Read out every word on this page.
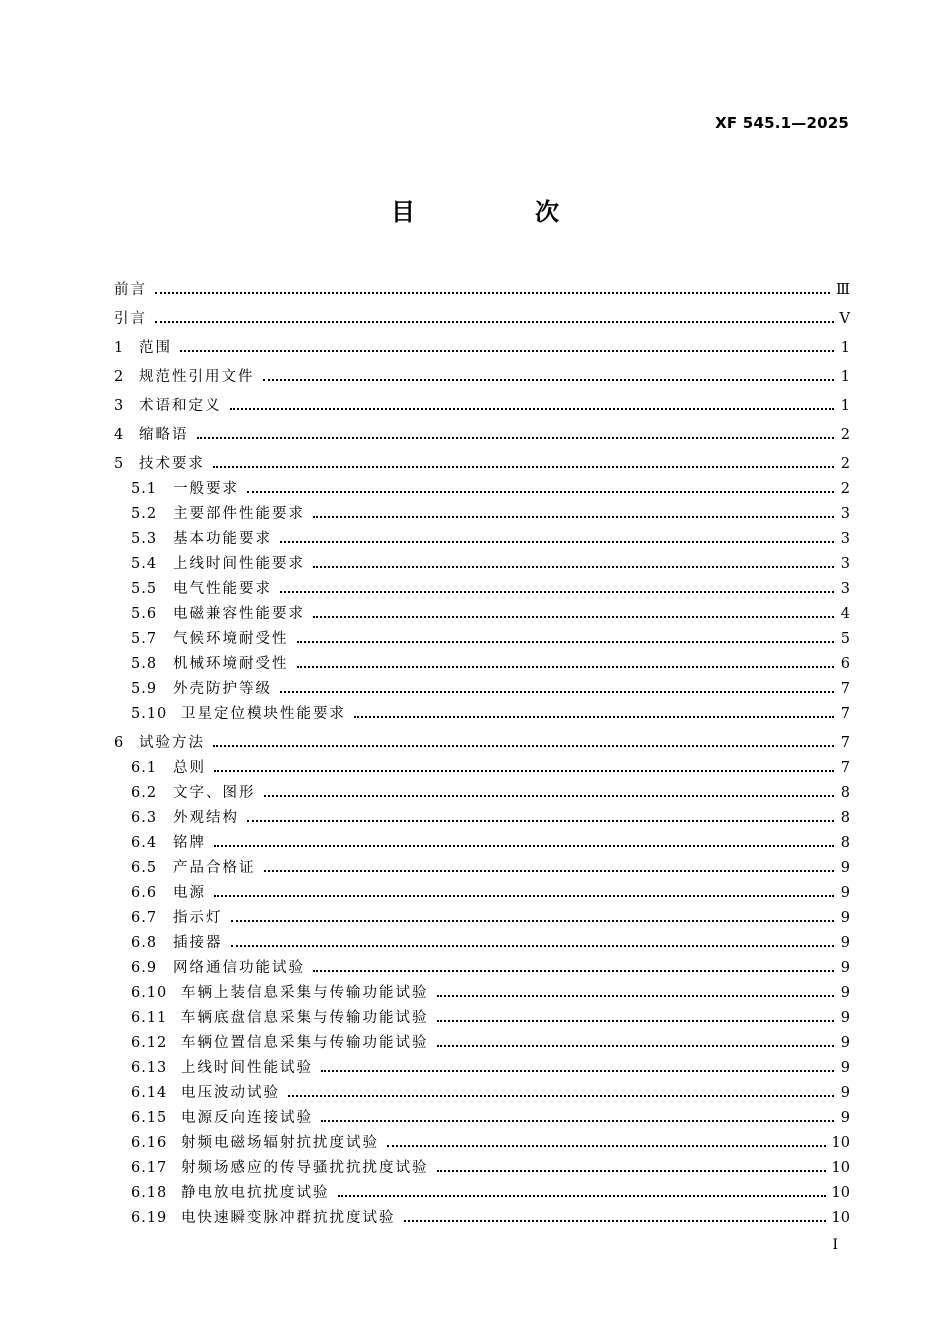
XF 545.1—2025
目　次
前言	Ⅲ
引言	Ⅴ
1	范围	1
2	规范性引用文件	1
3	术语和定义	1
4	缩略语	2
5	技术要求	2
5.1	一般要求	2
5.2	主要部件性能要求	3
5.3	基本功能要求	3
5.4	上线时间性能要求	3
5.5	电气性能要求	3
5.6	电磁兼容性能要求	4
5.7	气候环境耐受性	5
5.8	机械环境耐受性	6
5.9	外壳防护等级	7
5.10 卫星定位模块性能要求	7
6	试验方法	7
6.1	总则	7
6.2	文字、图形	8
6.3	外观结构	8
6.4	铭牌	8
6.5	产品合格证	9
6.6	电源	9
6.7	指示灯	9
6.8	插接器	9
6.9	网络通信功能试验	9
6.10 车辆上装信息采集与传输功能试验	9
6.11 车辆底盘信息采集与传输功能试验	9
6.12 车辆位置信息采集与传输功能试验	9
6.13 上线时间性能试验	9
6.14 电压波动试验	9
6.15 电源反向连接试验	9
6.16 射频电磁场辐射抗扰度试验	10
6.17 射频场感应的传导骚扰抗扰度试验	10
6.18 静电放电抗扰度试验	10
6.19 电快速瞬变脉冲群抗扰度试验	10
I
